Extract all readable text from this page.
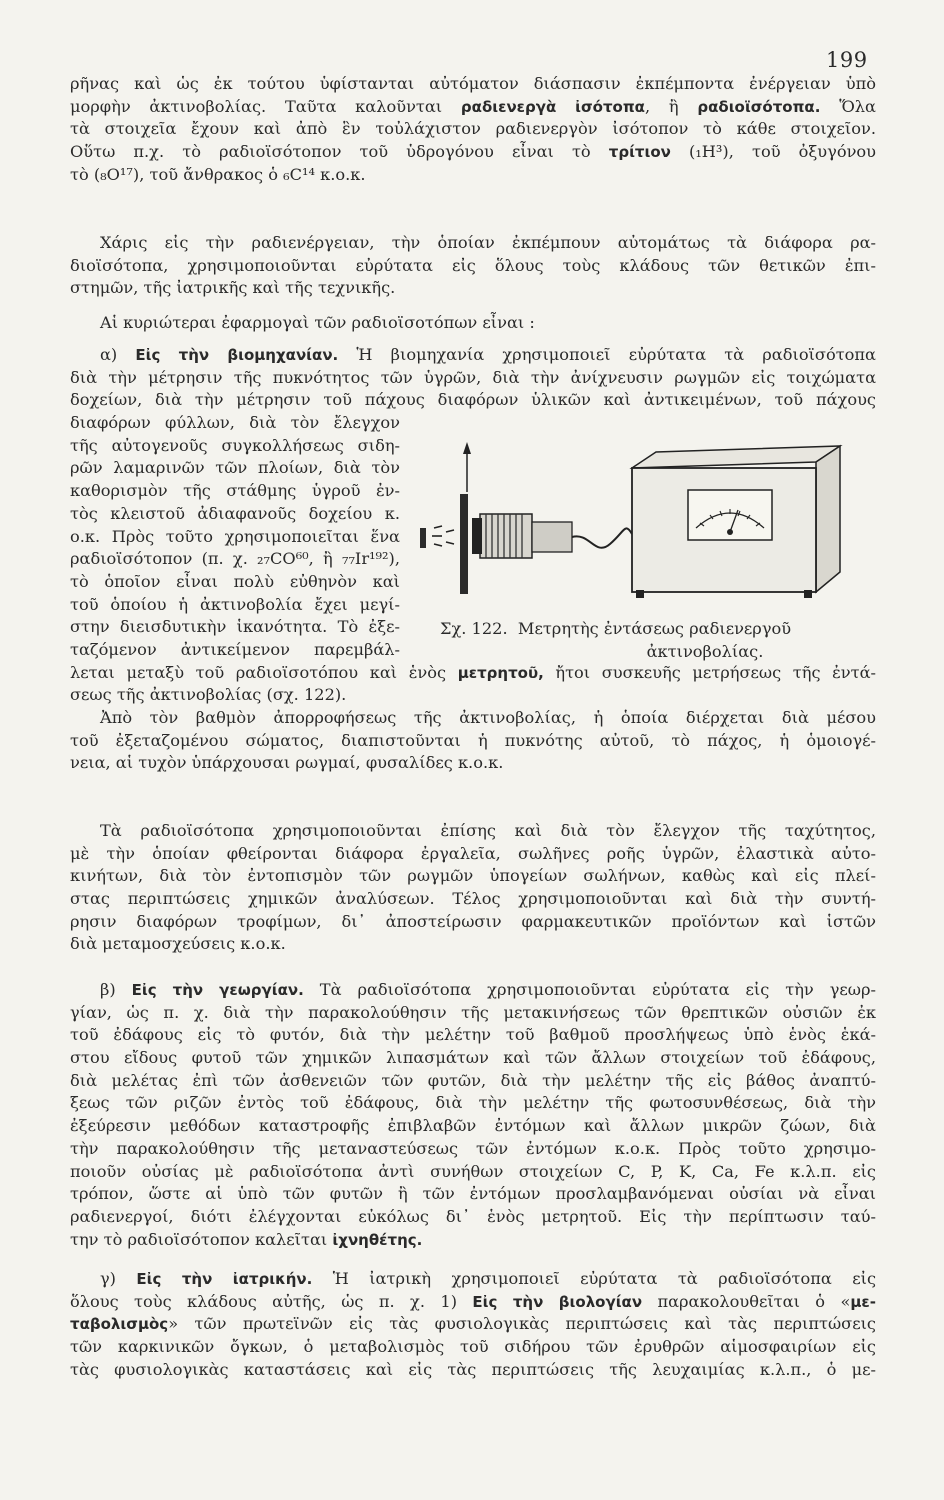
199
ρῆνας καὶ ὡς ἐκ τούτου ὑφίστανται αὐτόματον διάσπασιν ἐκπέμποντα ἐνέργειαν ὑπὸ
μορφὴν ἀκτινοβολίας. Ταῦτα καλοῦνται ραδιενεργὰ ἰσότοπα, ἢ ραδιοϊσότοπα. Ὅλα
τὰ στοιχεῖα ἔχουν καὶ ἀπὸ ἓν τοὐλάχιστον ραδιενεργὸν ἰσότοπον τὸ κάθε στοιχεῖον.
Οὕτω π.χ. τὸ ραδιοϊσότοπον τοῦ ὑδρογόνου εἶναι τὸ τρίτιον (₁H³), τοῦ ὀξυγόνου
τὸ (₈O¹⁷), τοῦ ἄνθρακος ὁ ₆C¹⁴ κ.ο.κ.
Χάρις εἰς τὴν ραδιενέργειαν, τὴν ὁποίαν ἐκπέμπουν αὐτομάτως τὰ διάφορα ρα-
διοϊσότοπα, χρησιμοποιοῦνται εὐρύτατα εἰς ὅλους τοὺς κλάδους τῶν θετικῶν ἐπι-
στημῶν, τῆς ἰατρικῆς καὶ τῆς τεχνικῆς.
Αἱ κυριώτεραι ἐφαρμογαὶ τῶν ραδιοϊσοτόπων εἶναι :
α) Εἰς τὴν βιομηχανίαν. Ἡ βιομηχανία χρησιμοποιεῖ εὐρύτατα τὰ ραδιοϊσότοπα
διὰ τὴν μέτρησιν τῆς πυκνότητος τῶν ὑγρῶν, διὰ τὴν ἀνίχνευσιν ρωγμῶν εἰς τοιχώματα
δοχείων, διὰ τὴν μέτρησιν τοῦ πάχους διαφόρων ὑλικῶν καὶ ἀντικειμένων, τοῦ πάχους
διαφόρων φύλλων, διὰ τὸν ἔλεγχον
τῆς αὐτογενοῦς συγκολλήσεως σιδη-
ρῶν λαμαρινῶν τῶν πλοίων, διὰ τὸν
καθορισμὸν τῆς στάθμης ὑγροῦ ἐν-
τὸς κλειστοῦ ἀδιαφανοῦς δοχείου κ.
ο.κ. Πρὸς τοῦτο χρησιμοποιεῖται ἕνα
ραδιοϊσότοπον (π. χ. ₂₇CO⁶⁰, ἢ ₇₇Ir¹⁹²),
τὸ ὁποῖον εἶναι πολὺ εὐθηνὸν καὶ
τοῦ ὁποίου ἡ ἀκτινοβολία ἔχει μεγί-
στην διεισδυτικὴν ἱκανότητα. Τὸ ἐξε-
ταζόμενον ἀντικείμενον παρεμβάλ-
λεται μεταξὺ τοῦ ραδιοϊσοτόπου καὶ ἑνὸς μετρητοῦ, ἤτοι συσκευῆς μετρήσεως τῆς ἐντά-
σεως τῆς ἀκτινοβολίας (σχ. 122).
Ἀπὸ τὸν βαθμὸν ἀπορροφήσεως τῆς ἀκτινοβολίας, ἡ ὁποία διέρχεται διὰ μέσου
τοῦ ἐξεταζομένου σώματος, διαπιστοῦνται ἡ πυκνότης αὐτοῦ, τὸ πάχος, ἡ ὁμοιογέ-
νεια, αἱ τυχὸν ὑπάρχουσαι ρωγμαί, φυσαλίδες κ.ο.κ.
Τὰ ραδιοϊσότοπα χρησιμοποιοῦνται ἐπίσης καὶ διὰ τὸν ἔλεγχον τῆς ταχύτητος,
μὲ τὴν ὁποίαν φθείρονται διάφορα ἐργαλεῖα, σωλῆνες ροῆς ὑγρῶν, ἐλαστικὰ αὐτο-
κινήτων, διὰ τὸν ἐντοπισμὸν τῶν ρωγμῶν ὑπογείων σωλήνων, καθὼς καὶ εἰς πλεί-
στας περιπτώσεις χημικῶν ἀναλύσεων. Τέλος χρησιμοποιοῦνται καὶ διὰ τὴν συντή-
ρησιν διαφόρων τροφίμων, δι᾽ ἀποστείρωσιν φαρμακευτικῶν προϊόντων καὶ ἱστῶν
διὰ μεταμοσχεύσεις κ.ο.κ.
Σχ. 122. Μετρητὴς ἐντάσεως ραδιενεργοῦ
ἀκτινοβολίας.
β) Εἰς τὴν γεωργίαν. Τὰ ραδιοϊσότοπα χρησιμοποιοῦνται εὐρύτατα εἰς τὴν γεωρ-
γίαν, ὡς π. χ. διὰ τὴν παρακολούθησιν τῆς μετακινήσεως τῶν θρεπτικῶν οὐσιῶν ἐκ
τοῦ ἐδάφους εἰς τὸ φυτόν, διὰ τὴν μελέτην τοῦ βαθμοῦ προσλήψεως ὑπὸ ἑνὸς ἑκά-
στου εἴδους φυτοῦ τῶν χημικῶν λιπασμάτων καὶ τῶν ἄλλων στοιχείων τοῦ ἐδάφους,
διὰ μελέτας ἐπὶ τῶν ἀσθενειῶν τῶν φυτῶν, διὰ τὴν μελέτην τῆς εἰς βάθος ἀναπτύ-
ξεως τῶν ριζῶν ἐντὸς τοῦ ἐδάφους, διὰ τὴν μελέτην τῆς φωτοσυνθέσεως, διὰ τὴν
ἐξεύρεσιν μεθόδων καταστροφῆς ἐπιβλαβῶν ἐντόμων καὶ ἄλλων μικρῶν ζώων, διὰ
τὴν παρακολούθησιν τῆς μεταναστεύσεως τῶν ἐντόμων κ.ο.κ. Πρὸς τοῦτο χρησιμο-
ποιοῦν οὐσίας μὲ ραδιοϊσότοπα ἀντὶ συνήθων στοιχείων C, P, K, Ca, Fe κ.λ.π. εἰς
τρόπον, ὥστε αἱ ὑπὸ τῶν φυτῶν ἢ τῶν ἐντόμων προσλαμβανόμεναι οὐσίαι νὰ εἶναι
ραδιενεργοί, διότι ἐλέγχονται εὐκόλως δι᾽ ἑνὸς μετρητοῦ. Εἰς τὴν περίπτωσιν ταύ-
την τὸ ραδιοϊσότοπον καλεῖται ἰχνηθέτης.
γ) Εἰς τὴν ἰατρικήν. Ἡ ἰατρικὴ χρησιμοποιεῖ εὐρύτατα τὰ ραδιοϊσότοπα εἰς
ὅλους τοὺς κλάδους αὐτῆς, ὡς π. χ. 1) Εἰς τὴν βιολογίαν παρακολουθεῖται ὁ «με-
ταβολισμὸς» τῶν πρωτεϊνῶν εἰς τὰς φυσιολογικὰς περιπτώσεις καὶ τὰς περιπτώσεις
τῶν καρκινικῶν ὄγκων, ὁ μεταβολισμὸς τοῦ σιδήρου τῶν ἐρυθρῶν αἱμοσφαιρίων εἰς
τὰς φυσιολογικὰς καταστάσεις καὶ εἰς τὰς περιπτώσεις τῆς λευχαιμίας κ.λ.π., ὁ με-
